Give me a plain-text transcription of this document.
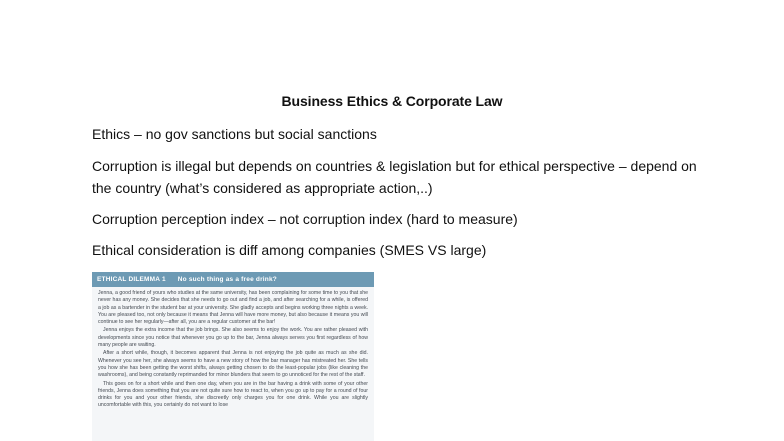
Business Ethics & Corporate Law
Ethics – no gov sanctions but social sanctions
Corruption is illegal but depends on countries & legislation but for ethical perspective – depend on the country (what’s considered as appropriate action,..)
Corruption perception index – not corruption index (hard to measure)
Ethical consideration is diff among companies (SMES VS large)
ETHICAL DILEMMA 1 No such thing as a free drink?

Jenna, a good friend of yours who studies at the same university, has been complaining for some time to you that she never has any money. She decides that she needs to go out and find a job, and after searching for a while, is offered a job as a bartender in the student bar at your university. She gladly accepts and begins working three nights a week. You are pleased too, not only because it means that Jenna will have more money, but also because it means you will continue to see her regularly—after all, you are a regular customer at the bar!

Jenna enjoys the extra income that the job brings. She also seems to enjoy the work. You are rather pleased with developments since you notice that whenever you go up to the bar, Jenna always serves you first regardless of how many people are waiting.

After a short while, though, it becomes apparent that Jenna is not enjoying the job quite as much as she did. Whenever you see her, she always seems to have a new story of how the bar manager has mistreated her. She tells you how she has been getting the worst shifts, always getting chosen to do the least-popular jobs (like cleaning the washrooms), and being constantly reprimanded for minor blunders that seem to go unnoticed for the rest of the staff.

This goes on for a short while and then one day, when you are in the bar having a drink with some of your other friends, Jenna does something that you are not quite sure how to react to, when you go up to pay for a round of four drinks for you and your other friends, she discreetly only charges you for one drink. While you are slightly uncomfortable with this, you certainly do not want to lose
